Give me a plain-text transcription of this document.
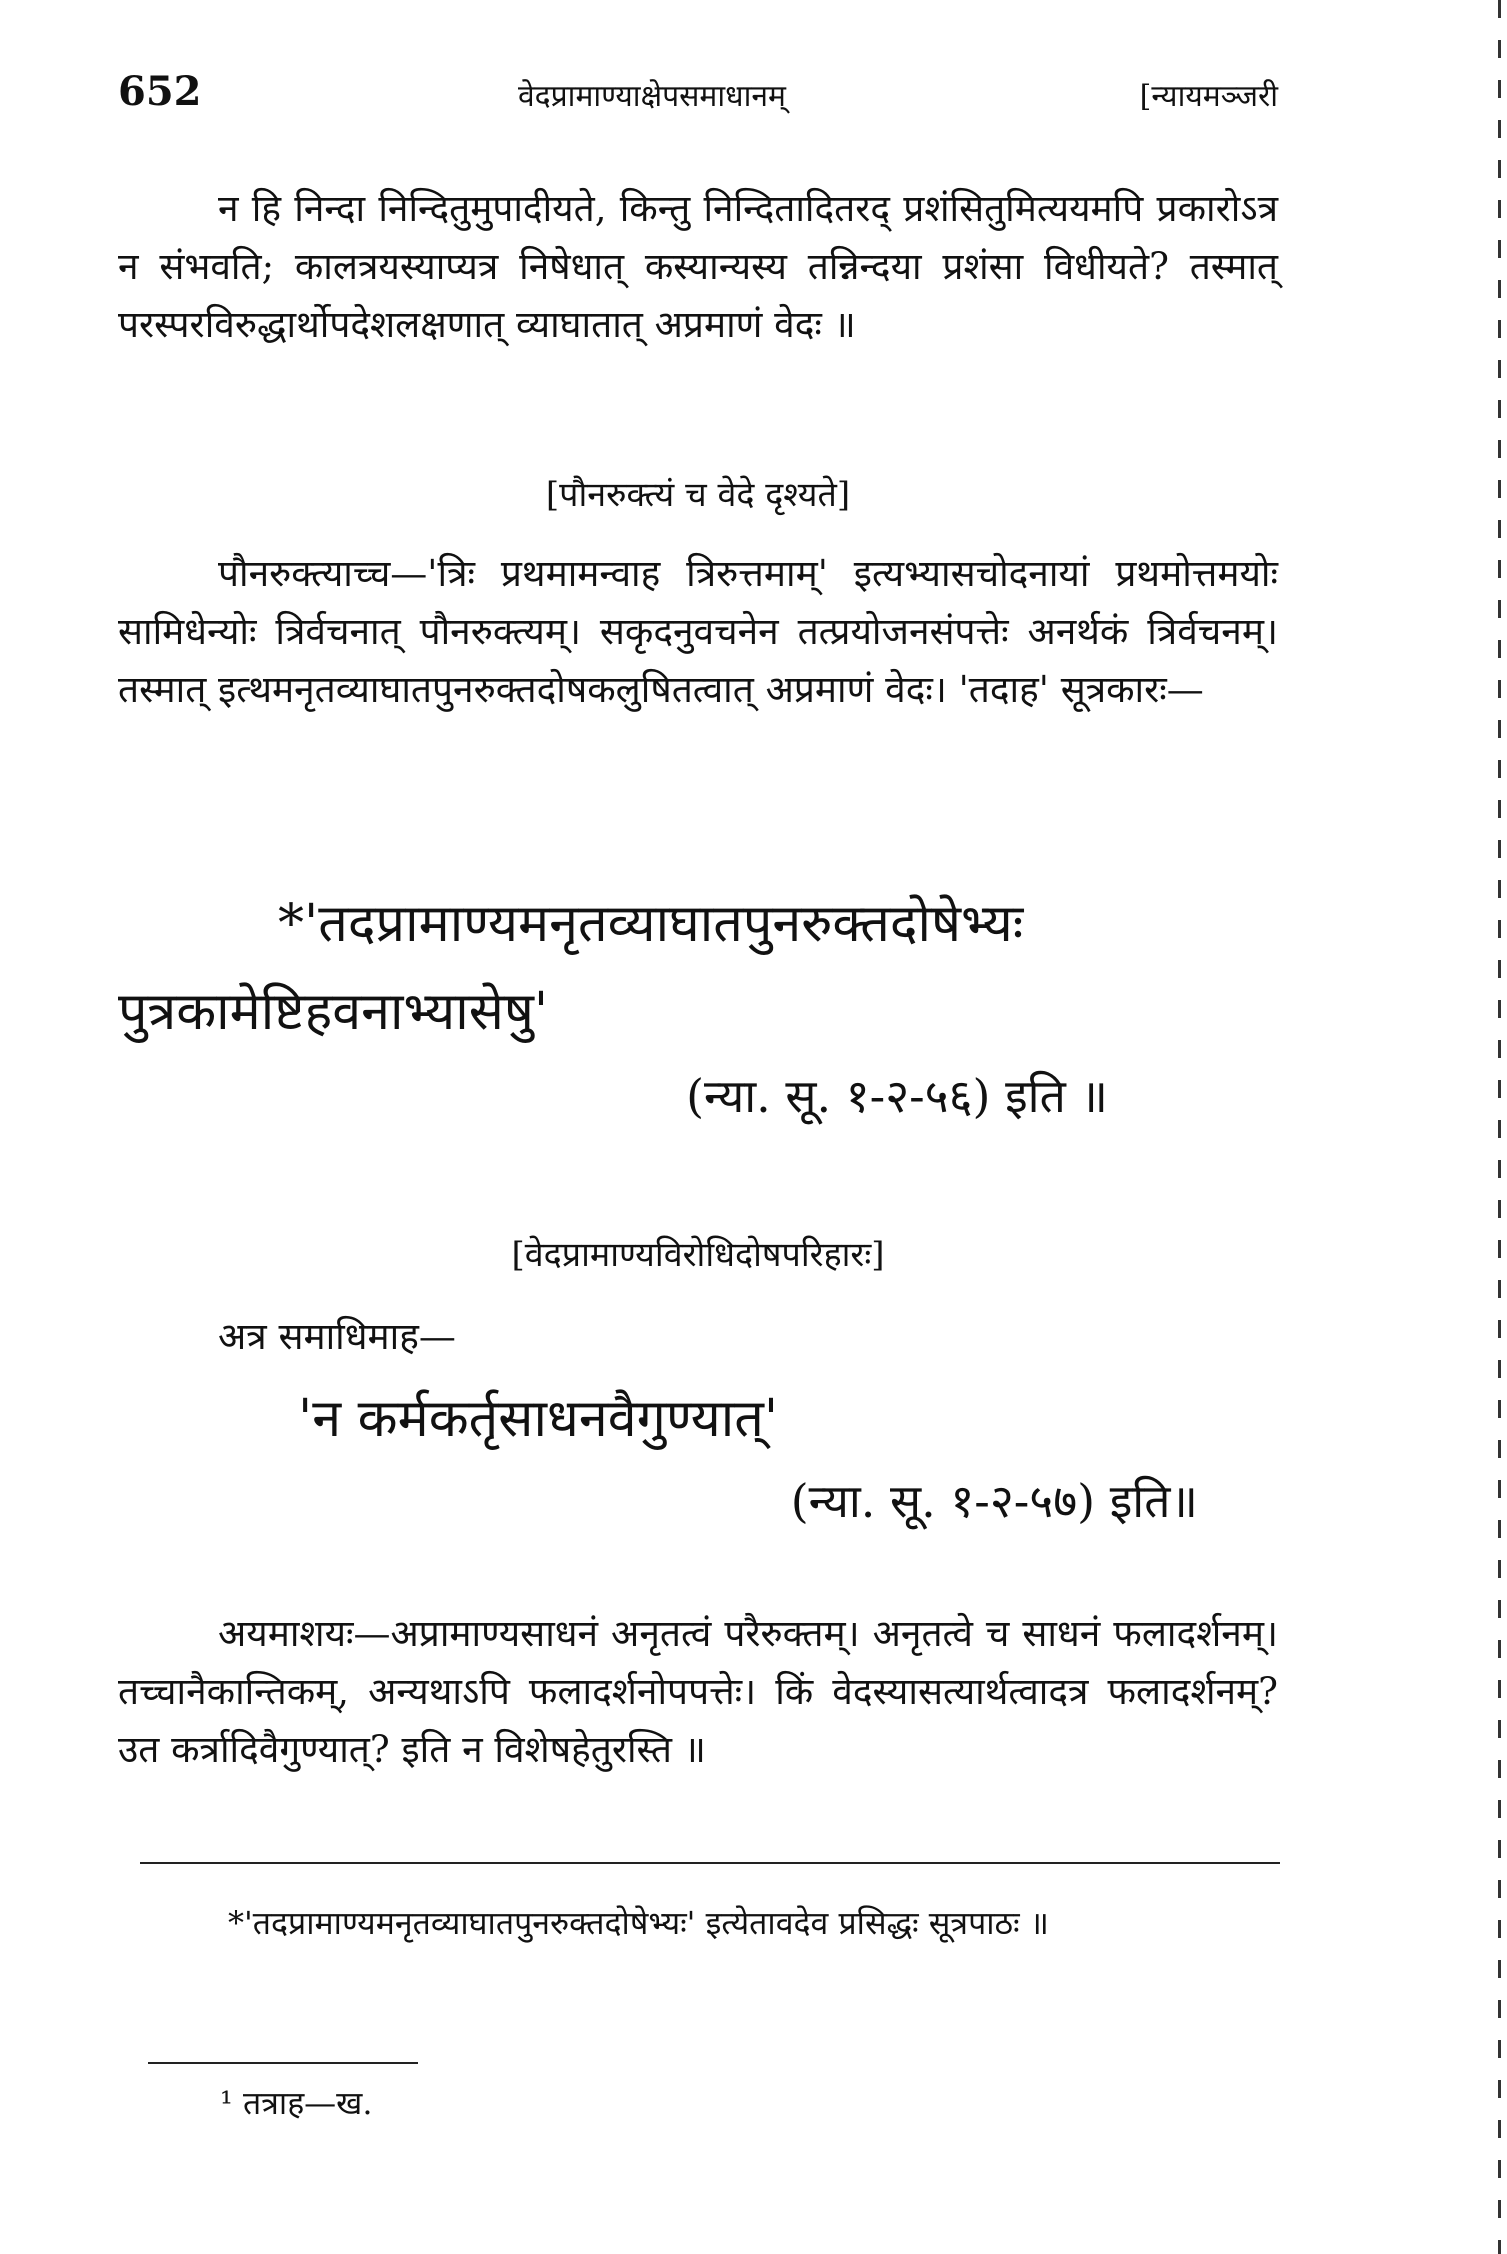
652	वेदप्रामाण्याक्षेपसमाधानम्	[न्यायमञ्जरी

न हि निन्दा निन्दितुमुपादीयते, किन्तु निन्दितादितरद् प्रशंसितुमित्ययमपि प्रकारोऽत्र न संभवति; कालत्रयस्याप्यत्र निषेधात् कस्यान्यस्य तन्निन्दया प्रशंसा विधीयते? तस्मात् परस्परविरुद्धार्थोपदेशलक्षणात् व्याघातात् अप्रमाणं वेदः ॥

[पौनरुक्त्यं च वेदे दृश्यते]

पौनरुक्त्याच्च—'त्रिः प्रथमामन्वाह त्रिरुत्तमाम्' इत्यभ्यासचोदनायां प्रथमोत्तमयोः सामिधेन्योः त्रिर्वचनात् पौनरुक्त्यम्। सकृदनुवचनेन तत्प्रयोजनसंपत्तेः अनर्थकं त्रिर्वचनम्। तस्मात् इत्थमनृतव्याघातपुनरुक्तदोषकलुषितत्वात् अप्रमाणं वेदः। 'तदाह' सूत्रकारः—

*'तदप्रामाण्यमनृतव्याघातपुनरुक्तदोषेभ्यः

पुत्रकामेष्टिहवनाभ्यासेषु'

(न्या. सू. १-२-५६) इति ॥

[वेदप्रामाण्यविरोधिदोषपरिहारः]

अत्र समाधिमाह—

'न कर्मकर्तृसाधनवैगुण्यात्'

(न्या. सू. १-२-५७) इति॥

अयमाशयः—अप्रामाण्यसाधनं अनृतत्वं परैरुक्तम्। अनृतत्वे च साधनं फलादर्शनम्। तच्चानैकान्तिकम्, अन्यथाऽपि फलादर्शनोपपत्तेः। किं वेदस्यासत्यार्थत्वादत्र फलादर्शनम्? उत कर्त्रादिवैगुण्यात्? इति न विशेषहेतुरस्ति ॥

*'तदप्रामाण्यमनृतव्याघातपुनरुक्तदोषेभ्यः' इत्येतावदेव प्रसिद्धः सूत्रपाठः ॥

¹ तत्राह—ख.
